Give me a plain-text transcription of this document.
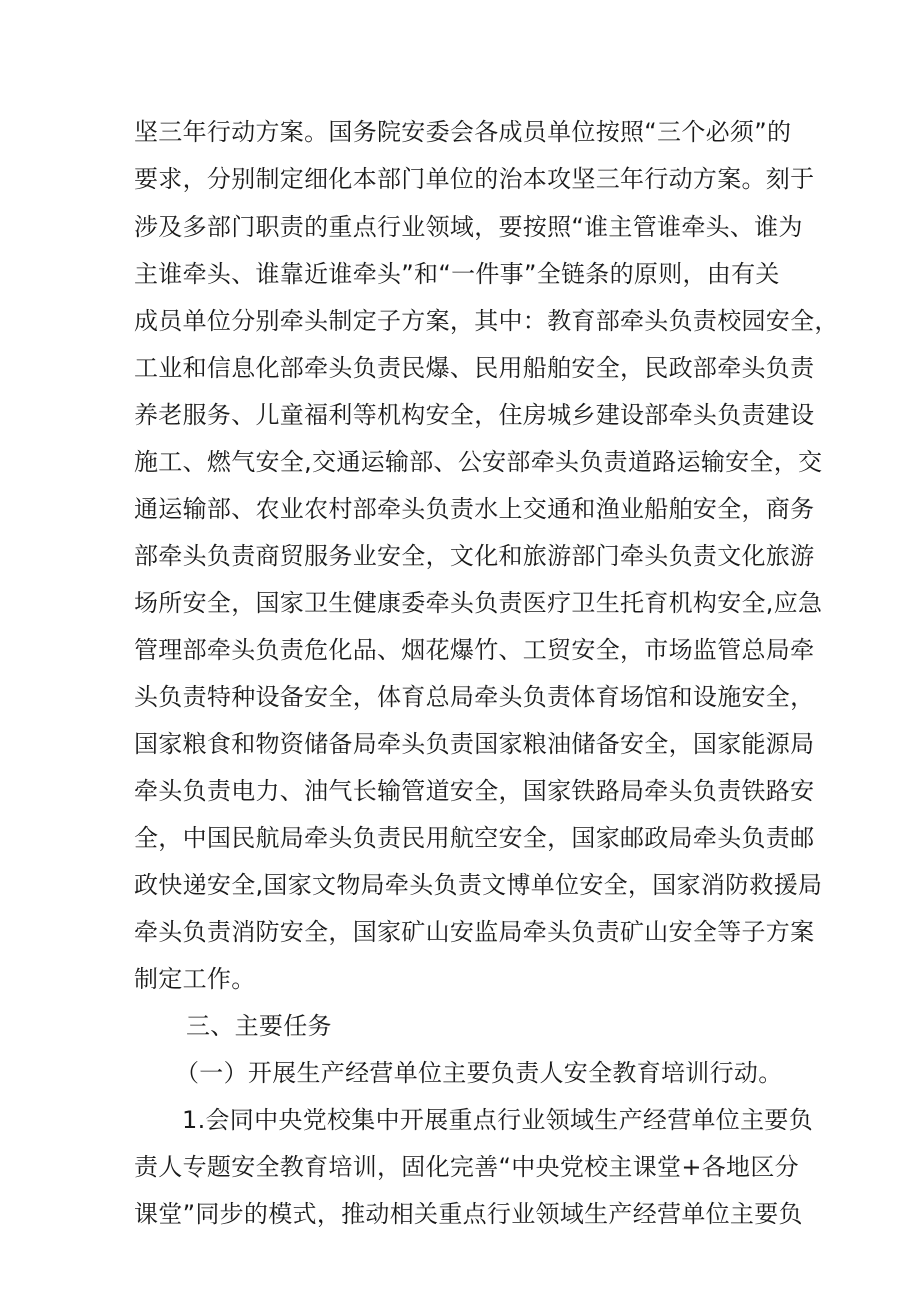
坚三年行动方案。国务院安委会各成员单位按照“三个必须”的
要求，分别制定细化本部门单位的治本攻坚三年行动方案。刻于
涉及多部门职责的重点行业领域，要按照“谁主管谁牵头、谁为
主谁牵头、谁靠近谁牵头”和“一件事”全链条的原则，由有关
成员单位分别牵头制定子方案，其中：教育部牵头负责校园安全，
工业和信息化部牵头负责民爆、民用船舶安全，民政部牵头负责
养老服务、儿童福利等机构安全，住房城乡建设部牵头负责建设
施工、燃气安全,交通运输部、公安部牵头负责道路运输安全，交
通运输部、农业农村部牵头负责水上交通和渔业船舶安全，商务
部牵头负责商贸服务业安全，文化和旅游部门牵头负责文化旅游
场所安全，国家卫生健康委牵头负责医疗卫生托育机构安全,应急
管理部牵头负责危化品、烟花爆竹、工贸安全，市场监管总局牵
头负责特种设备安全，体育总局牵头负责体育场馆和设施安全，
国家粮食和物资储备局牵头负责国家粮油储备安全，国家能源局
牵头负责电力、油气长输管道安全，国家铁路局牵头负责铁路安
全，中国民航局牵头负责民用航空安全，国家邮政局牵头负责邮
政快递安全,国家文物局牵头负责文博单位安全，国家消防救援局
牵头负责消防安全，国家矿山安监局牵头负责矿山安全等子方案
制定工作。
三、主要任务
（一）开展生产经营单位主要负责人安全教育培训行动。
1.会同中央党校集中开展重点行业领域生产经营单位主要负
责人专题安全教育培训，固化完善“中央党校主课堂+各地区分
课堂”同步的模式，推动相关重点行业领域生产经营单位主要负
